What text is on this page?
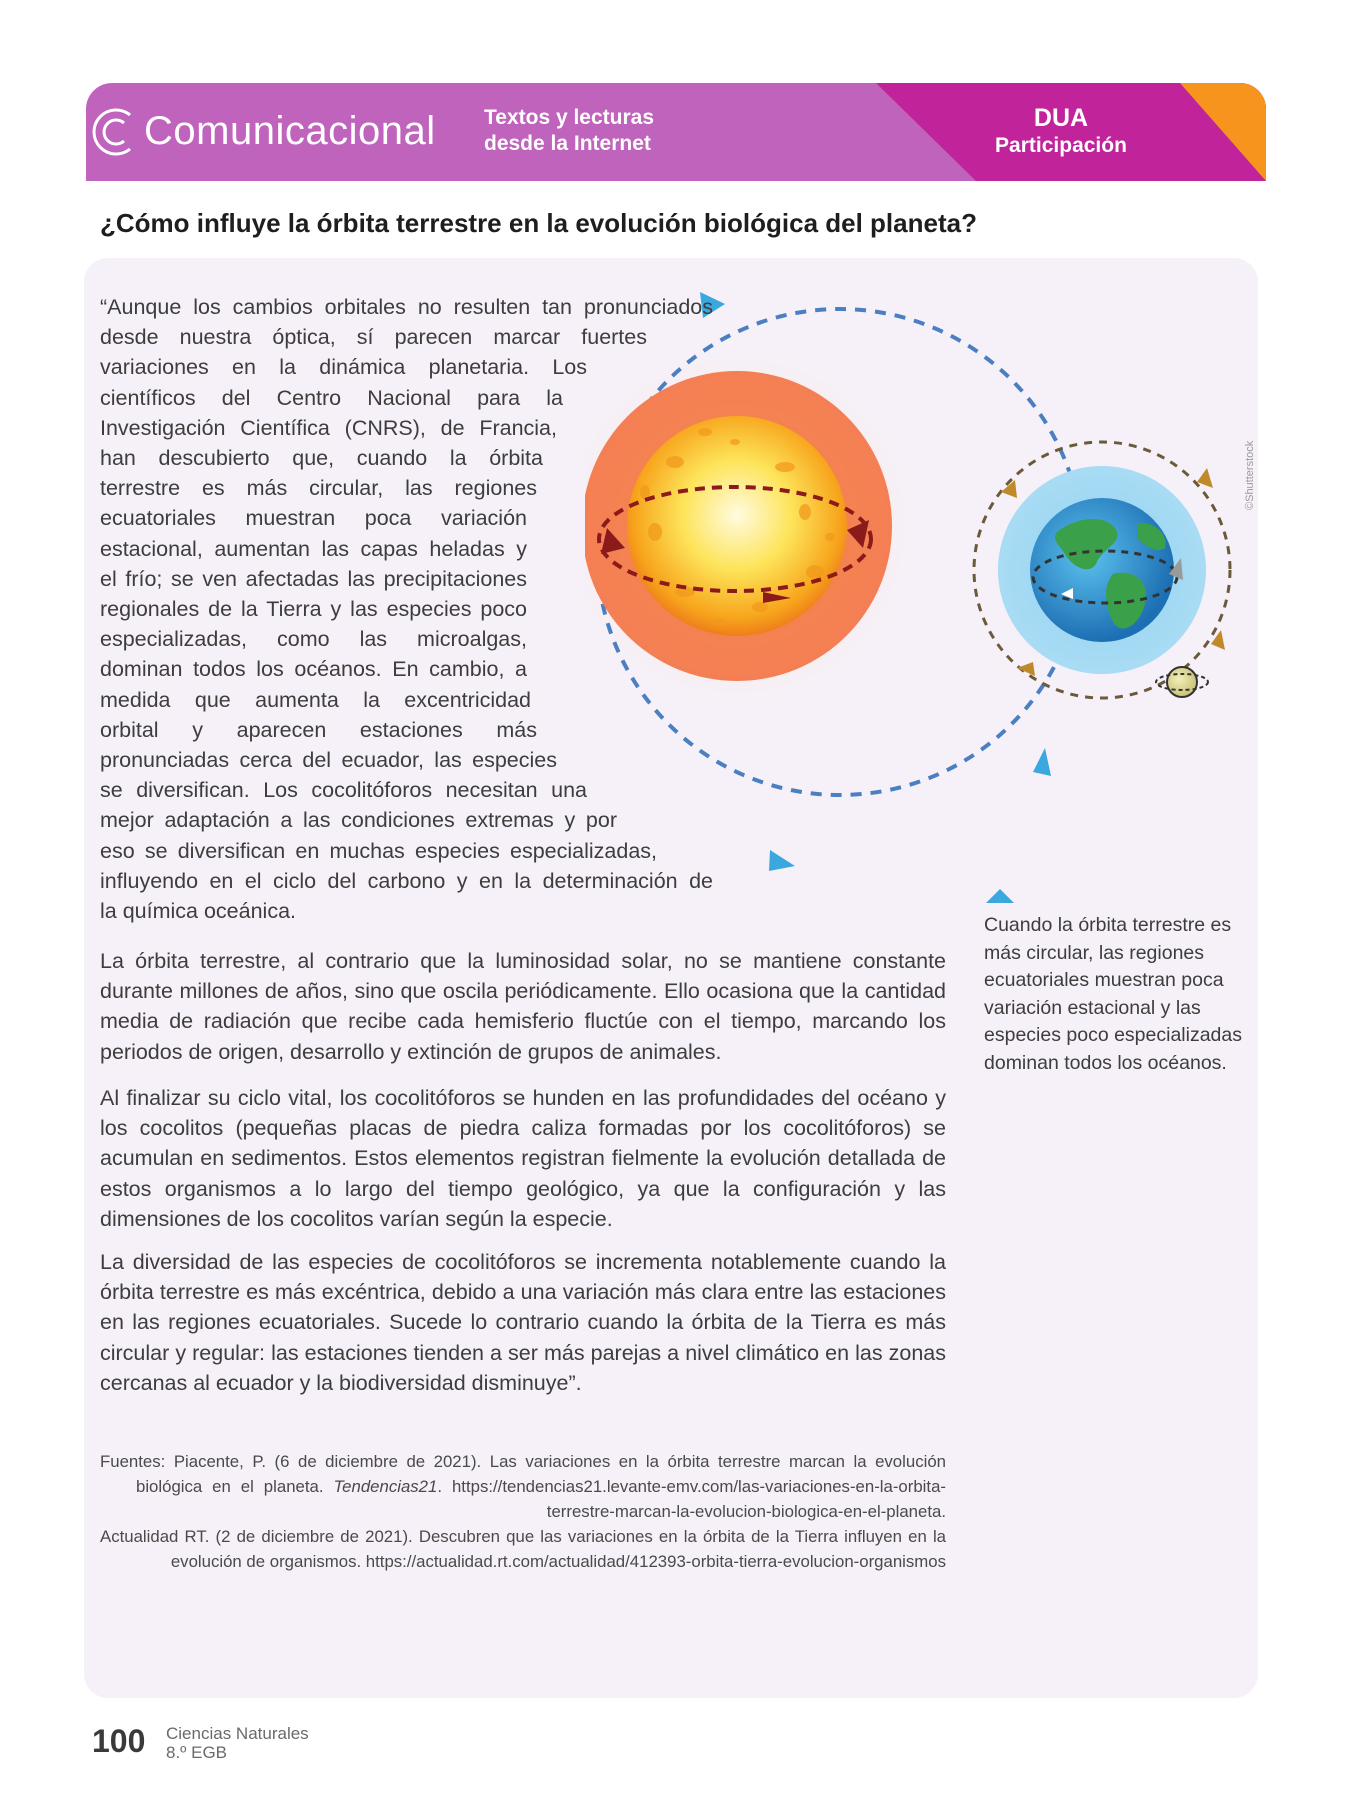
Comunicacional Textos y lecturas
desde la Internet
DUA
Participación
¿Cómo influye la órbita terrestre en la evolución biológica del planeta?
©Shutterstock
“Aunque los cambios orbitales no resulten tan pronunciados
desde nuestra óptica, sí parecen marcar fuertes
variaciones en la dinámica planetaria. Los
científicos del Centro Nacional para la
Investigación Científica (CNRS), de Francia,
han descubierto que, cuando la órbita
terrestre es más circular, las regiones
ecuatoriales muestran poca variación
estacional, aumentan las capas heladas y
el frío; se ven afectadas las precipitaciones
regionales de la Tierra y las especies poco
especializadas, como las microalgas,
dominan todos los océanos. En cambio, a
medida que aumenta la excentricidad
orbital y aparecen estaciones más
pronunciadas cerca del ecuador, las especies
se diversifican. Los cocolitóforos necesitan una
mejor adaptación a las condiciones extremas y por
eso se diversifican en muchas especies especializadas,
influyendo en el ciclo del carbono y en la determinación de
la química oceánica.
La órbita terrestre, al contrario que la luminosidad solar, no se mantiene constante durante millones de años, sino que oscila periódicamente. Ello ocasiona que la cantidad media de radiación que recibe cada hemisferio fluctúe con el tiempo, marcando los periodos de origen, desarrollo y extinción de grupos de animales.
Al finalizar su ciclo vital, los cocolitóforos se hunden en las profundidades del océano y los cocolitos (pequeñas placas de piedra caliza formadas por los cocolitóforos) se acumulan en sedimentos. Estos elementos registran fielmente la evolución detallada de estos organismos a lo largo del tiempo geológico, ya que la configuración y las dimensiones de los cocolitos varían según la especie.
La diversidad de las especies de cocolitóforos se incrementa notablemente cuando la órbita terrestre es más excéntrica, debido a una variación más clara entre las estaciones en las regiones ecuatoriales. Sucede lo contrario cuando la órbita de la Tierra es más circular y regular: las estaciones tienden a ser más parejas a nivel climático en las zonas cercanas al ecuador y la biodiversidad disminuye”.
Cuando la órbita terrestre es más circular, las regiones ecuatoriales muestran poca variación estacional y las especies poco especializadas dominan todos los océanos.
Fuentes: Piacente, P. (6 de diciembre de 2021). Las variaciones en la órbita terrestre marcan la evolución biológica en el planeta. Tendencias21. https://tendencias21.levante-emv.com/las-variaciones-en-la-orbita-terrestre-marcan-la-evolucion-biologica-en-el-planeta.
Actualidad RT. (2 de diciembre de 2021). Descubren que las variaciones en la órbita de la Tierra influyen en la evolución de organismos. https://actualidad.rt.com/actualidad/412393-orbita-tierra-evolucion-organismos
100 Ciencias Naturales
8.º EGB
